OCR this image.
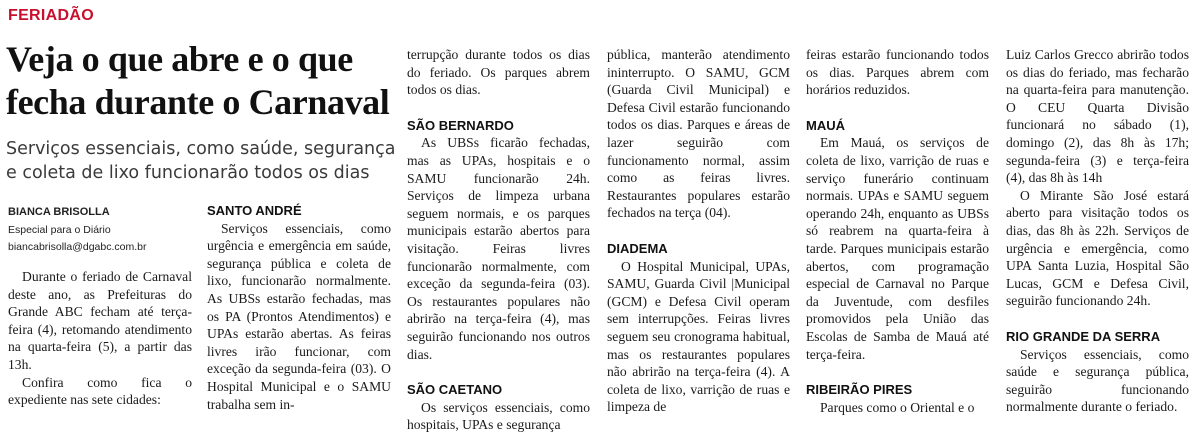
FERIADÃO
Veja o que abre e o que fecha durante o Carnaval
Serviços essenciais, como saúde, segurança e coleta de lixo funcionarão todos os dias
BIANCA BRISOLLA
Especial para o Diário
biancabrisolla@dgabc.com.br

Durante o feriado de Carnaval deste ano, as Prefeituras do Grande ABC fecham até terça-feira (4), retomando atendimento na quarta-feira (5), a partir das 13h.

Confira como fica o expediente nas sete cidades:

SANTO ANDRÉ

Serviços essenciais, como urgência e emergência em saúde, segurança pública e coleta de lixo, funcionarão normalmente. As UBSs estarão fechadas, mas os PA (Prontos Atendimentos) e UPAs estarão abertas. As feiras livres irão funcionar, com exceção da segunda-feira (03). O Hospital Municipal e o SAMU trabalha sem in-

terrupção durante todos os dias do feriado. Os parques abrem todos os dias.

SÃO BERNARDO

As UBSs ficarão fechadas, mas as UPAs, hospitais e o SAMU funcionarão 24h. Serviços de limpeza urbana seguem normais, e os parques municipais estarão abertos para visitação. Feiras livres funcionarão normalmente, com exceção da segunda-feira (03). Os restaurantes populares não abrirão na terça-feira (4), mas seguirão funcionando nos outros dias.

SÃO CAETANO

Os serviços essenciais, como hospitais, UPAs e segurança

pública, manterão atendimento ininterrupto. O SAMU, GCM (Guarda Civil Municipal) e Defesa Civil estarão funcionando todos os dias. Parques e áreas de lazer seguirão com funcionamento normal, assim como as feiras livres. Restaurantes populares estarão fechados na terça (04).

DIADEMA

O Hospital Municipal, UPAs, SAMU, Guarda Civil |Municipal (GCM) e Defesa Civil operam sem interrupções. Feiras livres seguem seu cronograma habitual, mas os restaurantes populares não abrirão na terça-feira (4). A coleta de lixo, varrição de ruas e limpeza de

feiras estarão funcionando todos os dias. Parques abrem com horários reduzidos.

MAUÁ

Em Mauá, os serviços de coleta de lixo, varrição de ruas e serviço funerário continuam normais. UPAs e SAMU seguem operando 24h, enquanto as UBSs só reabrem na quarta-feira à tarde. Parques municipais estarão abertos, com programação especial de Carnaval no Parque da Juventude, com desfiles promovidos pela União das Escolas de Samba de Mauá até terça-feira.

RIBEIRÃO PIRES

Parques como o Oriental e o

Luiz Carlos Grecco abrirão todos os dias do feriado, mas fecharão na quarta-feira para manutenção. O CEU Quarta Divisão funcionará no sábado (1), domingo (2), das 8h às 17h; segunda-feira (3) e terça-feira (4), das 8h às 14h

O Mirante São José estará aberto para visitação todos os dias, das 8h às 22h. Serviços de urgência e emergência, como UPA Santa Luzia, Hospital São Lucas, GCM e Defesa Civil, seguirão funcionando 24h.

RIO GRANDE DA SERRA

Serviços essenciais, como saúde e segurança pública, seguirão funcionando normalmente durante o feriado.
